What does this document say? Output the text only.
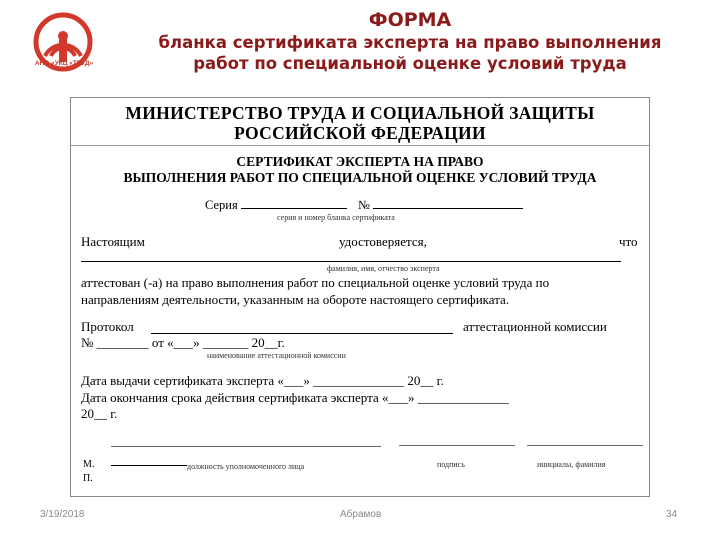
АНО «УКЦ «ТРУД»
ФОРМА
бланка сертификата эксперта на право выполнения
работ по специальной оценке условий труда
МИНИСТЕРСТВО ТРУДА И СОЦИАЛЬНОЙ ЗАЩИТЫ
РОССИЙСКОЙ ФЕДЕРАЦИИ
СЕРТИФИКАТ ЭКСПЕРТА НА ПРАВО
ВЫПОЛНЕНИЯ РАБОТ ПО СПЕЦИАЛЬНОЙ ОЦЕНКЕ УСЛОВИЙ ТРУДА
Серия	№
серия и номер бланка сертификата
Настоящим	удостоверяется,	что
фамилия, имя, отчество эксперта
аттестован (-а) на право выполнения работ по специальной оценке условий труда по
направлениям деятельности, указанным на обороте настоящего сертификата.
Протокол	аттестационной комиссии
№ ________ от «___» _______ 20__г.
наименование аттестационной комиссии
Дата выдачи сертификата эксперта «___» ______________ 20__ г.
Дата окончания срока действия сертификата эксперта «___» ______________
20__ г.
М.
П.
должность уполномоченного лица	подпись	инициалы, фамилия
3/19/2018	Абрамов	34
